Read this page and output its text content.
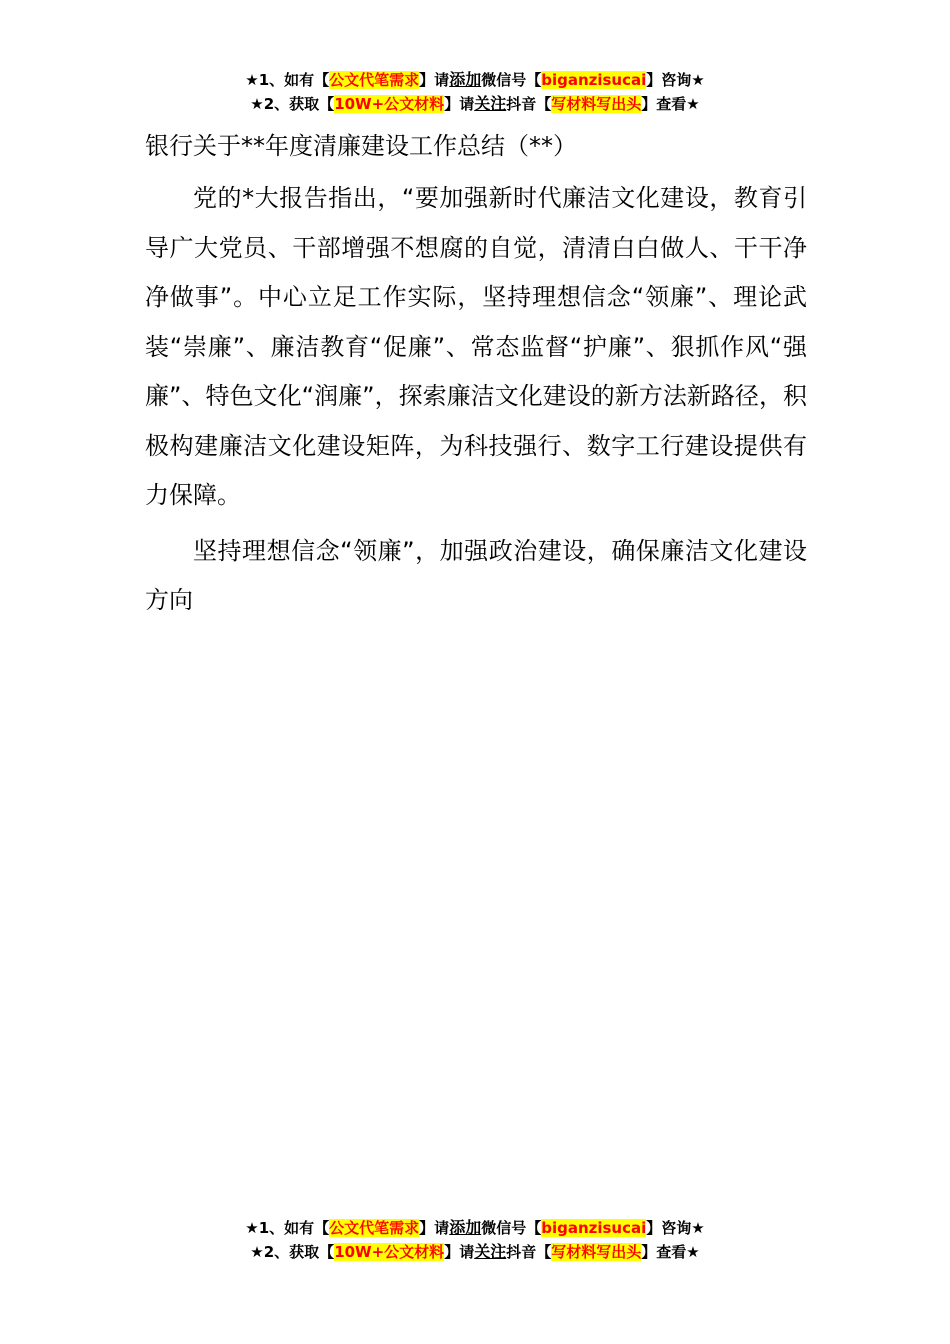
★1、如有【公文代笔需求】请添加微信号【biganzisucai】咨询★
★2、获取【10W+公文材料】请关注抖音【写材料写出头】查看★

银行关于**年度清廉建设工作总结（**）

党的*大报告指出，“要加强新时代廉洁文化建设，教育引导广大党员、干部增强不想腐的自觉，清清白白做人、干干净净做事”。中心立足工作实际，坚持理想信念“领廉”、理论武装“崇廉”、廉洁教育“促廉”、常态监督“护廉”、狠抓作风“强廉”、特色文化“润廉”，探索廉洁文化建设的新方法新路径，积极构建廉洁文化建设矩阵，为科技强行、数字工行建设提供有力保障。

坚持理想信念“领廉”，加强政治建设，确保廉洁文化建设方向

★1、如有【公文代笔需求】请添加微信号【biganzisucai】咨询★
★2、获取【10W+公文材料】请关注抖音【写材料写出头】查看★
